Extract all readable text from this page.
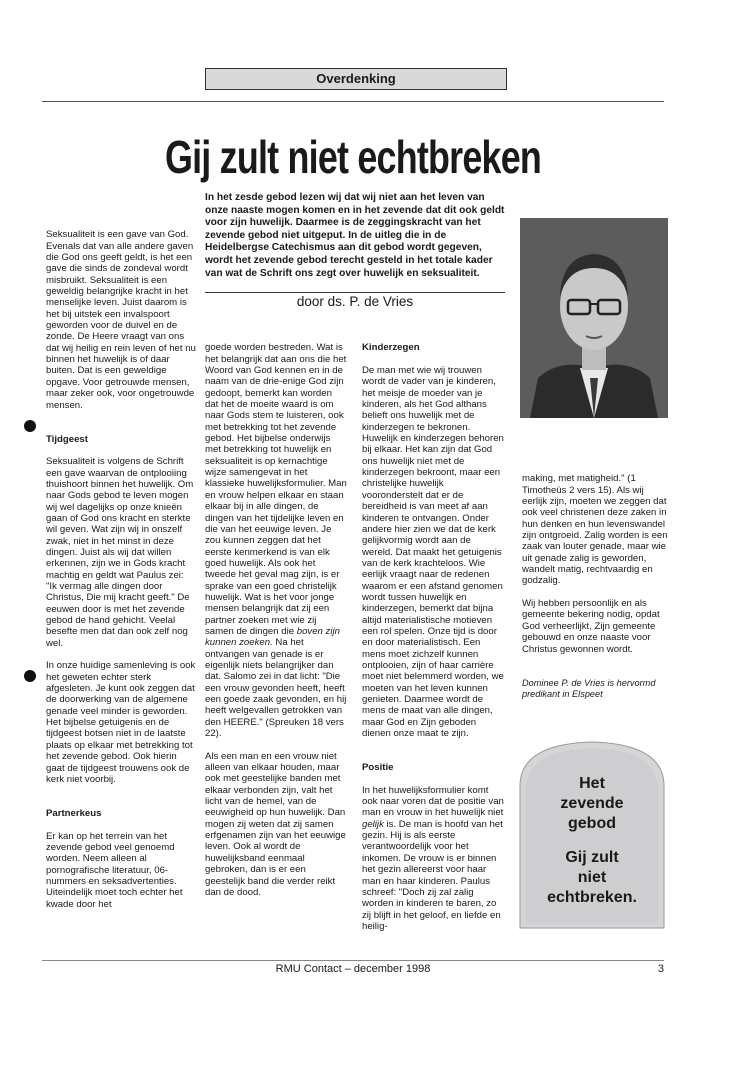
Overdenking
Gij zult niet echtbreken
In het zesde gebod lezen wij dat wij niet aan het leven van onze naaste mogen komen en in het zevende dat dit ook geldt voor zijn huwelijk. Daarmee is de zeggingskracht van het zevende gebod niet uitgeput. In de uitleg die in de Heidelbergse Catechismus aan dit gebod wordt gegeven, wordt het zevende gebod terecht gesteld in het totale kader van wat de Schrift ons zegt over huwelijk en seksualiteit.
door ds. P. de Vries

Seksualiteit is een gave van God. Evenals dat van alle andere gaven die God ons geeft geldt, is het een gave die sinds de zondeval wordt misbruikt. Seksualiteit is een geweldig belangrijke kracht in het menselijke leven. Juist daarom is het bij uitstek een invalspoort geworden voor de duivel en de zonde. De Heere vraagt van ons dat wij heilig en rein leven of het nu binnen het huwelijk is of daar buiten. Dat is een geweldige opgave. Voor getrouwde mensen, maar zeker ook, voor ongetrouwde mensen.

Tijdgeest

Seksualiteit is volgens de Schrift een gave waarvan de ontplooiing thuishoort binnen het huwelijk. Om naar Gods gebod te leven mogen wij wel dagelijks op onze knieën gaan of God ons kracht en sterkte wil geven. Wat zijn wij in onszelf zwak, niet in het minst in deze dingen. Juist als wij dat willen erkennen, zijn we in Gods kracht machtig en geldt wat Paulus zei: "Ik vermag alle dingen door Christus, Die mij kracht geeft." De eeuwen door is met het zevende gebod de hand gehicht. Veelal besefte men dat dan ook zelf nog wel.

In onze huidige samenleving is ook het geweten echter sterk afgesleten. Je kunt ook zeggen dat de doorwerking van de algemene genade veel minder is geworden. Het bijbelse getuigenis en de tijdgeest botsen niet in de laatste plaats op elkaar met betrekking tot het zevende gebod. Ook hierin gaat de tijdgeest trouwens ook de kerk niet voorbij.

Partnerkeus

Er kan op het terrein van het zevende gebod veel genoemd worden. Neem alleen al pornografische literatuur, 06-nummers en seksadvertenties. Uiteindelijk moet toch echter het kwade door het

goede worden bestreden. Wat is het belangrijk dat aan ons die het Woord van God kennen en in de naam van de drie-enige God zijn gedoopt, bemerkt kan worden dat het de moeite waard is om naar Gods stem te luisteren, ook met betrekking tot het zevende gebod. Het bijbelse onderwijs met betrekking tot huwelijk en seksualiteit is op kernachtige wijze samengevat in het klassieke huwelijksformulier. Man en vrouw helpen elkaar en staan elkaar bij in alle dingen, de dingen van het tijdelijke leven en die van het eeuwige leven. Je zou kunnen zeggen dat het eerste kenmerkend is van elk goed huwelijk. Als ook het tweede het geval mag zijn, is er sprake van een goed christelijk huwelijk. Wat is het voor jonge mensen belangrijk dat zij een partner zoeken met wie zij samen de dingen die boven zijn kunnen zoeken. Na het ontvangen van genade is er eigenlijk niets belangrijker dan dat. Salomo zei in dat licht: "Die een vrouw gevonden heeft, heeft een goede zaak gevonden, en hij heeft welgevallen getrokken van den HEERE." (Spreuken 18 vers 22).

Als een man en een vrouw niet alleen van elkaar houden, maar ook met geestelijke banden met elkaar verbonden zijn, valt het licht van de hemel, van de eeuwigheid op hun huwelijk. Dan mogen zij weten dat zij samen erfgenamen zijn van het eeuwige leven. Ook al wordt de huwelijksband eenmaal gebroken, dan is er een geestelijk band die verder reikt dan de dood.

Kinderzegen

De man met wie wij trouwen wordt de vader van je kinderen, het meisje de moeder van je kinderen, als het God althans belieft ons huwelijk met de kinderzegen te bekronen. Huwelijk en kinderzegen behoren bij elkaar. Het kan zijn dat God ons huwelijk niet met de kinderzegen bekroont, maar een christelijke huwelijk vooronderstelt dat er de bereidheid is van meet af aan kinderen te ontvangen. Onder andere hier zien we dat de kerk gelijkvormig wordt aan de wereld. Dat maakt het getuigenis van de kerk krachteloos. Wie eerlijk vraagt naar de redenen waarom er een afstand genomen wordt tussen huwelijk en kinderzegen, bemerkt dat bijna altijd materialistische motieven een rol spelen. Onze tijd is door en door materialistisch. Een mens moet zichzelf kunnen ontplooien, zijn of haar carrière moet niet belemmerd worden, we moeten van het leven kunnen genieten. Daarmee wordt de mens de maat van alle dingen, maar God en Zijn geboden dienen onze maat te zijn.

Positie

In het huwelijksformulier komt ook naar voren dat de positie van man en vrouw in het huwelijk niet gelijk is. De man is hoofd van het gezin. Hij is als eerste verantwoordelijk voor het inkomen. De vrouw is er binnen het gezin allereerst voor haar man en haar kinderen. Paulus schreef: "Doch zij zal zalig worden in kinderen te baren, zo zij blijft in het geloof, en liefde en heilig-

making, met matigheid." (1 Timotheüs 2 vers 15). Als wij eerlijk zijn, moeten we zeggen dat ook veel christenen deze zaken in hun denken en hun levenswandel zijn ontgroeid. Zalig worden is een zaak van louter genade, maar wie uit genade zalig is geworden, wandelt matig, rechtvaardig en godzalig.

Wij hebben persoonlijk en als gemeente bekering nodig, opdat God verheerlijkt, Zijn gemeente gebouwd en onze naaste voor Christus gewonnen wordt.

Dominee P. de Vries is hervormd predikant in Elspeet

Het
zevende
gebod
Gij zult
niet
echtbreken.
RMU Contact – december 1998	3
